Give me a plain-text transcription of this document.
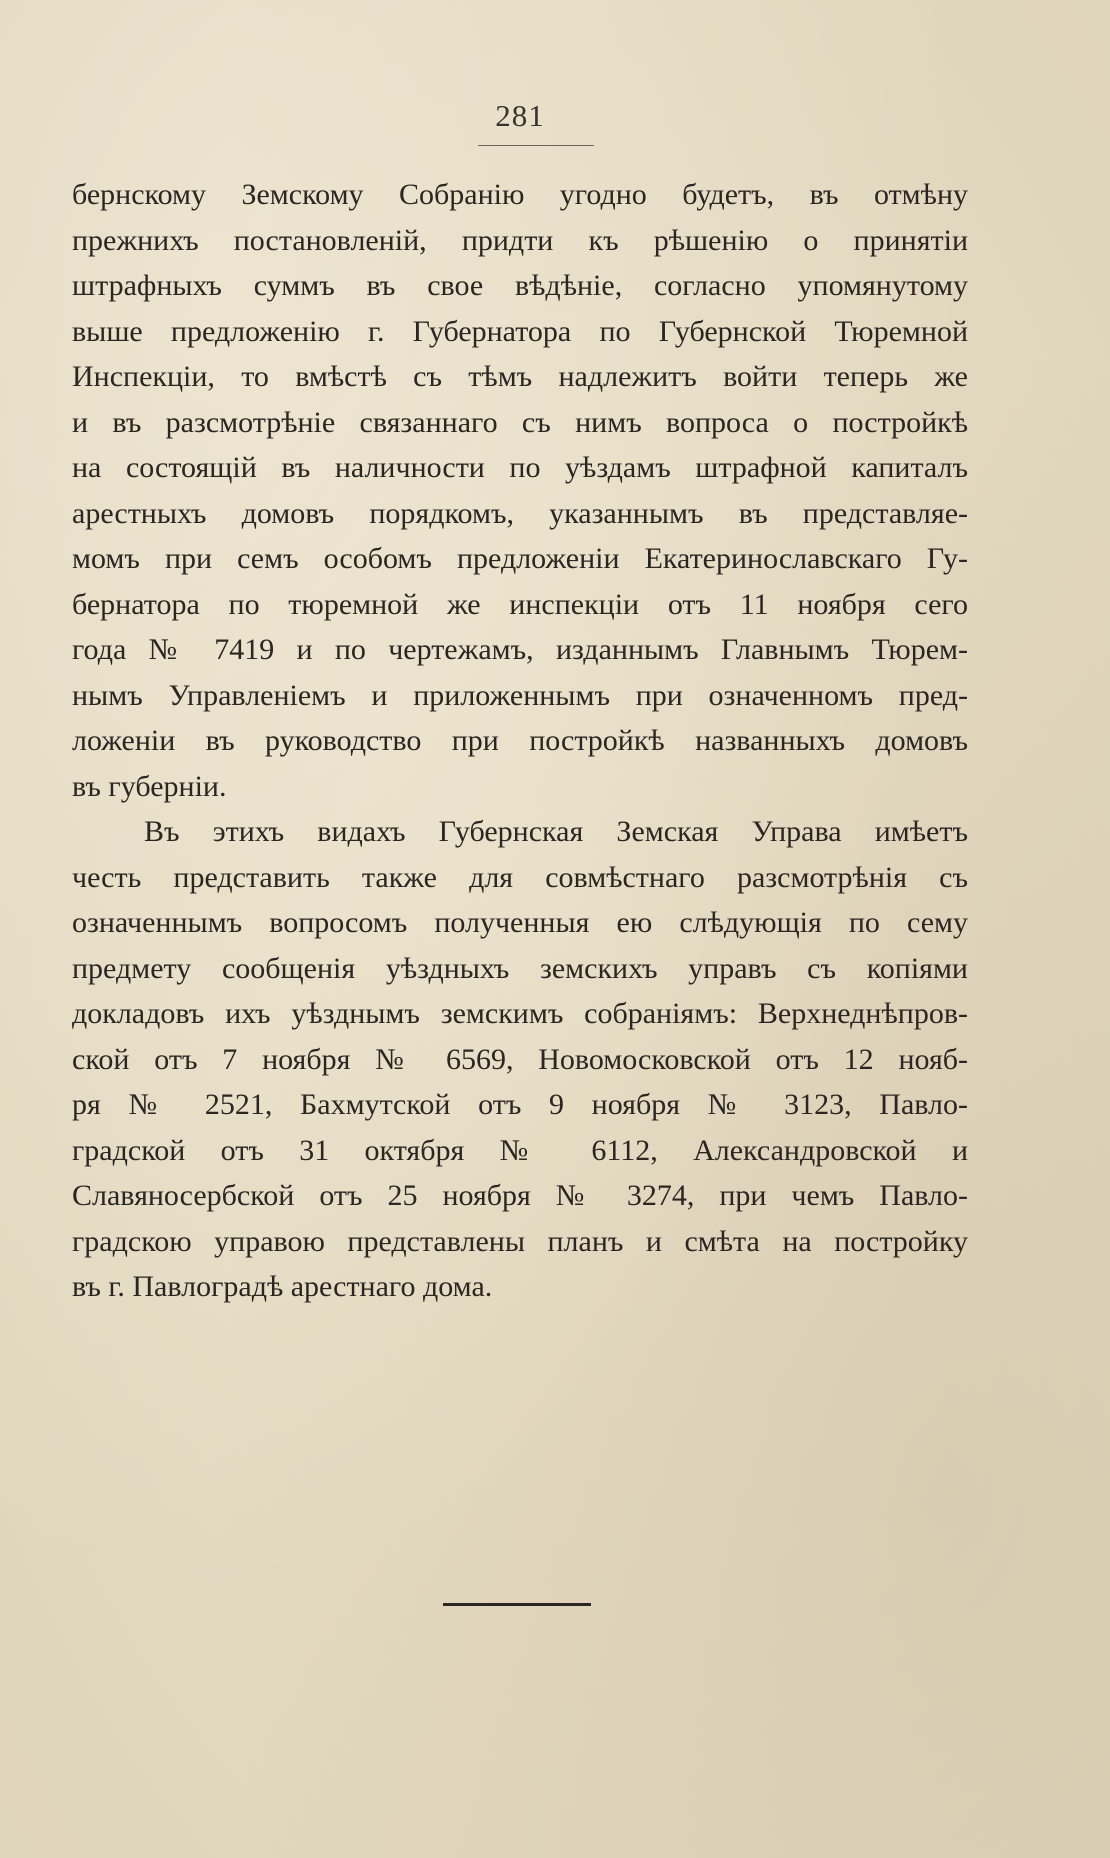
281
бернскому Земскому Собранію угодно будетъ, въ отмѣну
прежнихъ постановленій, придти къ рѣшенію о принятіи
штрафныхъ суммъ въ свое вѣдѣніе, согласно упомянутому
выше предложенію г. Губернатора по Губернской Тюремной
Инспекціи, то вмѣстѣ съ тѣмъ надлежитъ войти теперь же
и въ разсмотрѣніе связаннаго съ нимъ вопроса о постройкѣ
на состоящій въ наличности по уѣздамъ штрафной капиталъ
арестныхъ домовъ порядкомъ, указаннымъ въ представляе-
момъ при семъ особомъ предложеніи Екатеринославскаго Гу-
бернатора по тюремной же инспекціи отъ 11 ноября сего
года № 7419 и по чертежамъ, изданнымъ Главнымъ Тюрем-
нымъ Управленіемъ и приложеннымъ при означенномъ пред-
ложеніи въ руководство при постройкѣ названныхъ домовъ
въ губерніи.
Въ этихъ видахъ Губернская Земская Управа имѣетъ
честь представить также для совмѣстнаго разсмотрѣнія съ
означеннымъ вопросомъ полученныя ею слѣдующія по сему
предмету сообщенія уѣздныхъ земскихъ управъ съ копіями
докладовъ ихъ уѣзднымъ земскимъ собраніямъ: Верхнеднѣпров-
ской отъ 7 ноября № 6569, Новомосковской отъ 12 нояб-
ря № 2521, Бахмутской отъ 9 ноября № 3123, Павло-
градской отъ 31 октября № 6112, Александровской и
Славяносербской отъ 25 ноября № 3274, при чемъ Павло-
градскою управою представлены планъ и смѣта на постройку
въ г. Павлоградѣ арестнаго дома.
